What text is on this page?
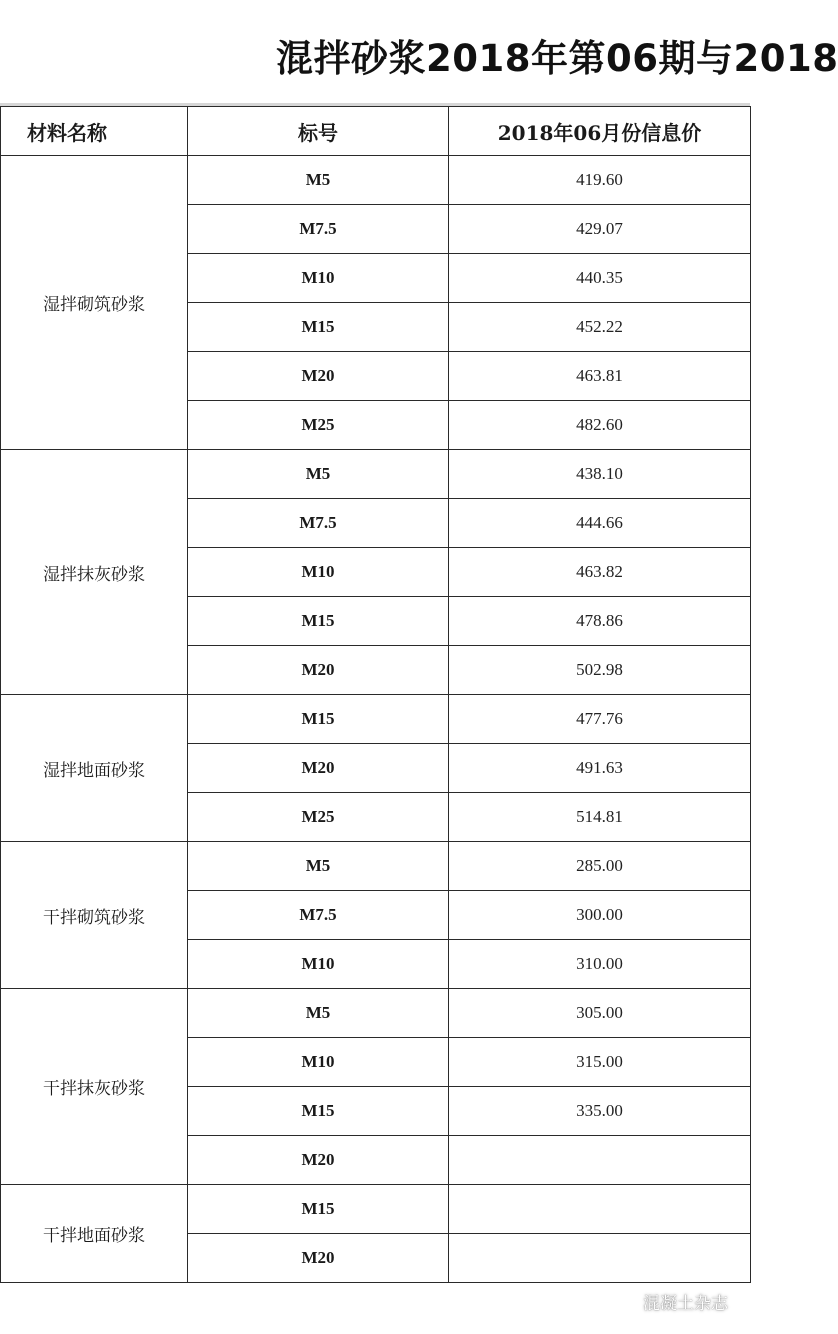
混拌砂浆2018年第06期与2018
材料名称	标号	2018年06月份信息价
湿拌砌筑砂浆	M5	419.60
	M7.5	429.07
	M10	440.35
	M15	452.22
	M20	463.81
	M25	482.60
湿拌抹灰砂浆	M5	438.10
	M7.5	444.66
	M10	463.82
	M15	478.86
	M20	502.98
湿拌地面砂浆	M15	477.76
	M20	491.63
	M25	514.81
干拌砌筑砂浆	M5	285.00
	M7.5	300.00
	M10	310.00
干拌抹灰砂浆	M5	305.00
	M10	315.00
	M15	335.00
	M20	
干拌地面砂浆	M15	
	M20	
混凝土杂志
